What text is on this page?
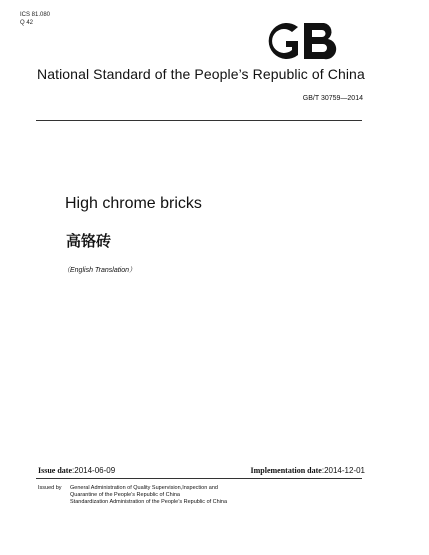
ICS 81.080
Q 42
GB
National Standard of the People’s Republic of China
GB/T 30759—2014
High chrome bricks
高铬砖
（English Translation）
Issue date:2014-06-09	Implementation date:2014-12-01
Issued by General Administration of Quality Supervision,Inspection and
Quarantine of the People’s Republic of China
Standardization Administration of the People’s Republic of China
